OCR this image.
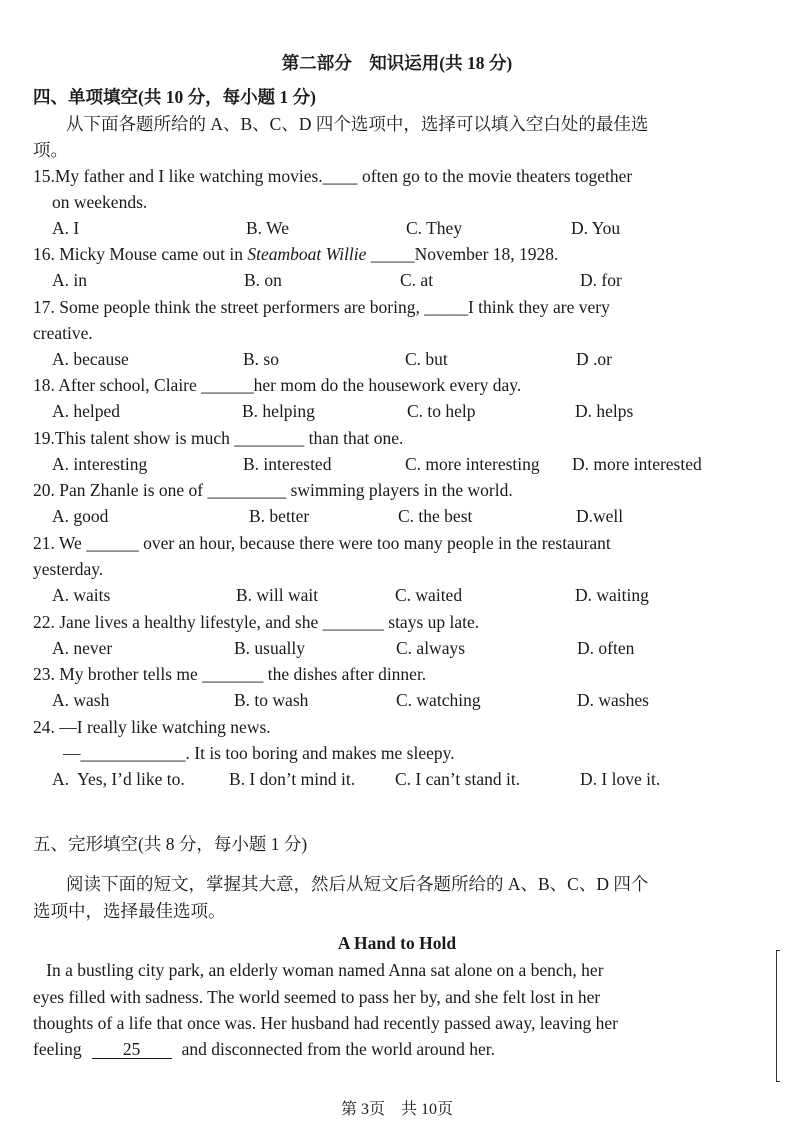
第二部分　知识运用(共 18 分)
四、单项填空(共 10 分，每小题 1 分)
从下面各题所给的 A、B、C、D 四个选项中，选择可以填入空白处的最佳选
项。
15.My father and I like watching movies.____ often go to the movie theaters together
on weekends.
A. I	B. We	C. They	D. You
16. Micky Mouse came out in Steamboat Willie _____November 18, 1928.
A. in	B. on	C. at	D. for
17. Some people think the street performers are boring, _____I think they are very
creative.
A. because	B. so	C. but	D .or
18. After school, Claire ______her mom do the housework every day.
A. helped	B. helping	C. to help	D. helps
19.This talent show is much ________ than that one.
A. interesting	B. interested	C. more interesting D. more interested
20. Pan Zhanle is one of _________ swimming players in the world.
A. good	B. better	C. the best	D.well
21. We ______ over an hour, because there were too many people in the restaurant
yesterday.
A. waits	B. will wait	C. waited	D. waiting
22. Jane lives a healthy lifestyle, and she _______ stays up late.
A. never	B. usually	C. always	D. often
23. My brother tells me _______ the dishes after dinner.
A. wash	B. to wash	C. watching	D. washes
24. —I really like watching news.
—____________. It is too boring and makes me sleepy.
A.  Yes, I’d like to.	B. I don’t mind it. C. I can’t stand it.	D. I love it.
五、完形填空(共 8 分，每小题 1 分)
阅读下面的短文，掌握其大意，然后从短文后各题所给的 A、B、C、D 四个
选项中，选择最佳选项。
A Hand to Hold
In a bustling city park, an elderly woman named Anna sat alone on a bench, her
eyes filled with sadness. The world seemed to pass her by, and she felt lost in her
thoughts of a life that once was. Her husband had recently passed away, leaving her
feeling 25 and disconnected from the world around her.
第 3页　共 10页
